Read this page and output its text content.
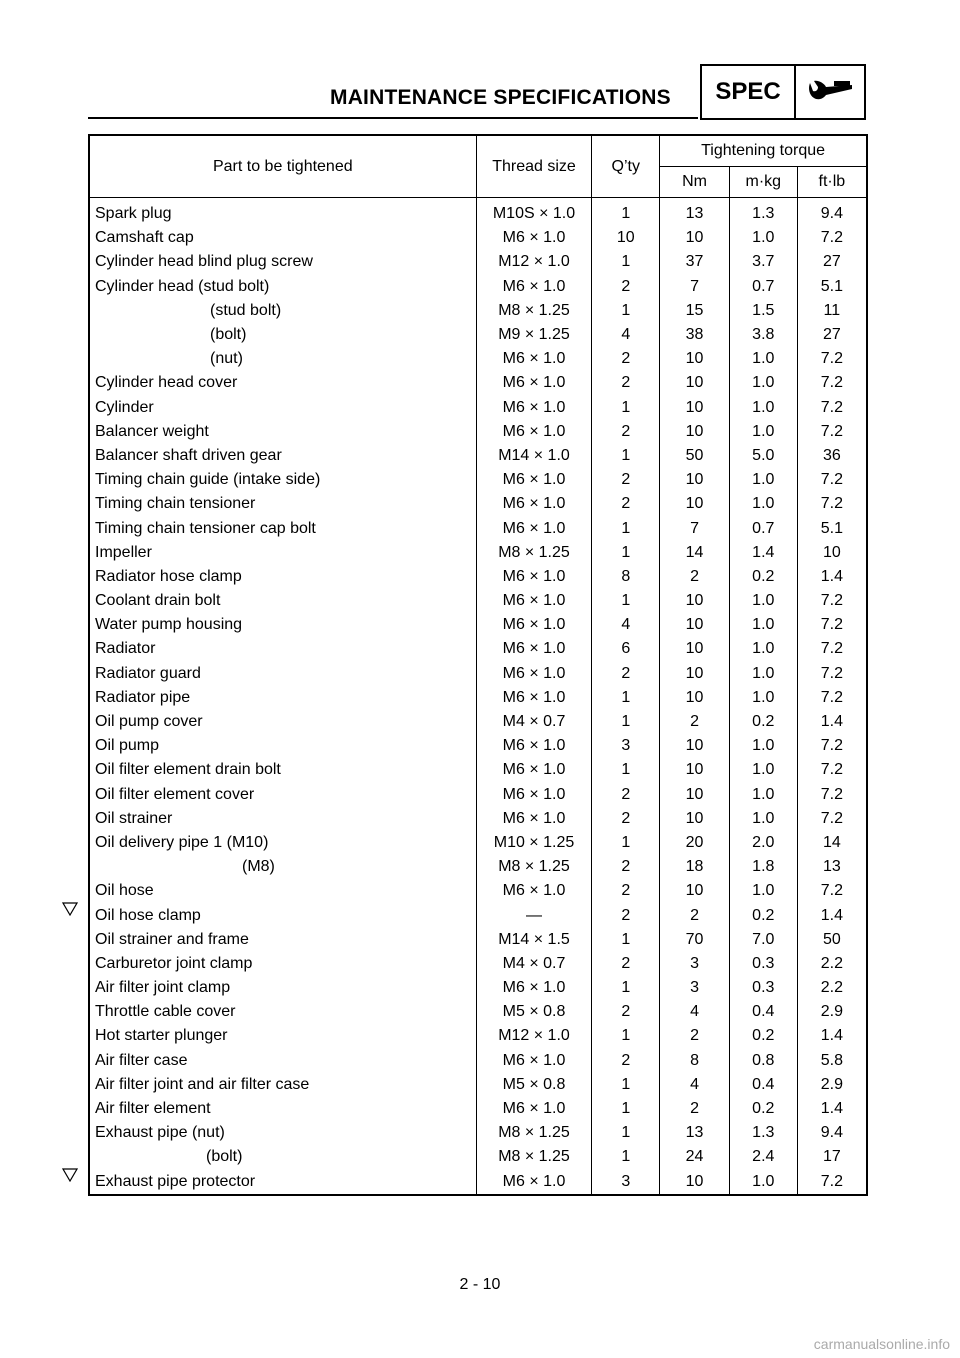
MAINTENANCE SPECIFICATIONS	SPEC
Part to be tightened	Thread size	Q’ty	Tightening torque		
			Nm	m·kg	ft·lb
Spark plug	M10S × 1.0	1	13	1.3	9.4
Camshaft cap	M6 × 1.0	10	10	1.0	7.2
Cylinder head blind plug screw	M12 × 1.0	1	37	3.7	27
Cylinder head (stud bolt)	M6 × 1.0	2	7	0.7	5.1
(stud bolt)	M8 × 1.25	1	15	1.5	11
(bolt)	M9 × 1.25	4	38	3.8	27
(nut)	M6 × 1.0	2	10	1.0	7.2
Cylinder head cover	M6 × 1.0	2	10	1.0	7.2
Cylinder	M6 × 1.0	1	10	1.0	7.2
Balancer weight	M6 × 1.0	2	10	1.0	7.2
Balancer shaft driven gear	M14 × 1.0	1	50	5.0	36
Timing chain guide (intake side)	M6 × 1.0	2	10	1.0	7.2
Timing chain tensioner	M6 × 1.0	2	10	1.0	7.2
Timing chain tensioner cap bolt	M6 × 1.0	1	7	0.7	5.1
Impeller	M8 × 1.25	1	14	1.4	10
Radiator hose clamp	M6 × 1.0	8	2	0.2	1.4
Coolant drain bolt	M6 × 1.0	1	10	1.0	7.2
Water pump housing	M6 × 1.0	4	10	1.0	7.2
Radiator	M6 × 1.0	6	10	1.0	7.2
Radiator guard	M6 × 1.0	2	10	1.0	7.2
Radiator pipe	M6 × 1.0	1	10	1.0	7.2
Oil pump cover	M4 × 0.7	1	2	0.2	1.4
Oil pump	M6 × 1.0	3	10	1.0	7.2
Oil filter element drain bolt	M6 × 1.0	1	10	1.0	7.2
Oil filter element cover	M6 × 1.0	2	10	1.0	7.2
Oil strainer	M6 × 1.0	2	10	1.0	7.2
Oil delivery pipe 1 (M10)	M10 × 1.25	1	20	2.0	14
(M8)	M8 × 1.25	2	18	1.8	13
Oil hose	M6 × 1.0	2	10	1.0	7.2
Oil hose clamp	—	2	2	0.2	1.4
Oil strainer and frame	M14 × 1.5	1	70	7.0	50
Carburetor joint clamp	M4 × 0.7	2	3	0.3	2.2
Air filter joint clamp	M6 × 1.0	1	3	0.3	2.2
Throttle cable cover	M5 × 0.8	2	4	0.4	2.9
Hot starter plunger	M12 × 1.0	1	2	0.2	1.4
Air filter case	M6 × 1.0	2	8	0.8	5.8
Air filter joint and air filter case	M5 × 0.8	1	4	0.4	2.9
Air filter element	M6 × 1.0	1	2	0.2	1.4
Exhaust pipe (nut)	M8 × 1.25	1	13	1.3	9.4
(bolt)	M8 × 1.25	1	24	2.4	17
Exhaust pipe protector	M6 × 1.0	3	10	1.0	7.2
2 - 10
carmanualsonline.info
